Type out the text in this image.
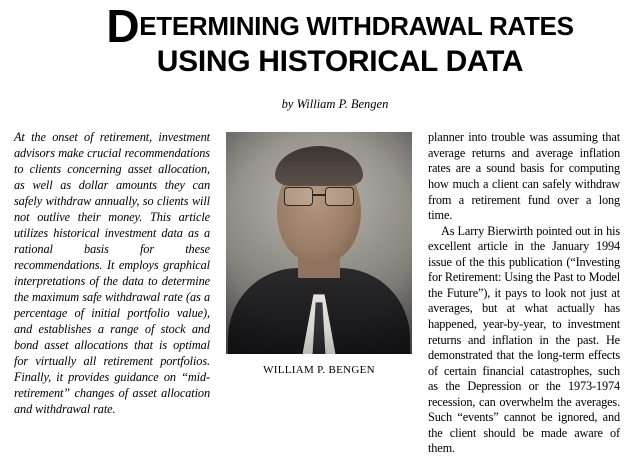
DETERMINING WITHDRAWAL RATES
USING HISTORICAL DATA
by William P. Bengen

At the onset of retirement, investment advisors make crucial recommendations to clients concerning asset allocation, as well as dollar amounts they can safely withdraw annually, so clients will not outlive their money. This article utilizes historical investment data as a rational basis for these recommendations. It employs graphical interpretations of the data to determine the maximum safe withdrawal rate (as a percentage of initial portfolio value), and establishes a range of stock and bond asset allocations that is optimal for virtually all retirement portfolios. Finally, it provides guidance on “mid-retirement” changes of asset allocation and withdrawal rate.

WILLIAM P. BENGEN

planner into trouble was assuming that average returns and average inflation rates are a sound basis for computing how much a client can safely withdraw from a retirement fund over a long time.

As Larry Bierwirth pointed out in his excellent article in the January 1994 issue of the this publication (“Investing for Retirement: Using the Past to Model the Future”), it pays to look not just at averages, but at what actually has happened, year-by-year, to investment returns and inflation in the past. He demonstrated that the long-term effects of certain financial catastrophes, such as the Depression or the 1973-1974 recession, can overwhelm the averages. Such “events” cannot be ignored, and the client should be made aware of them.
